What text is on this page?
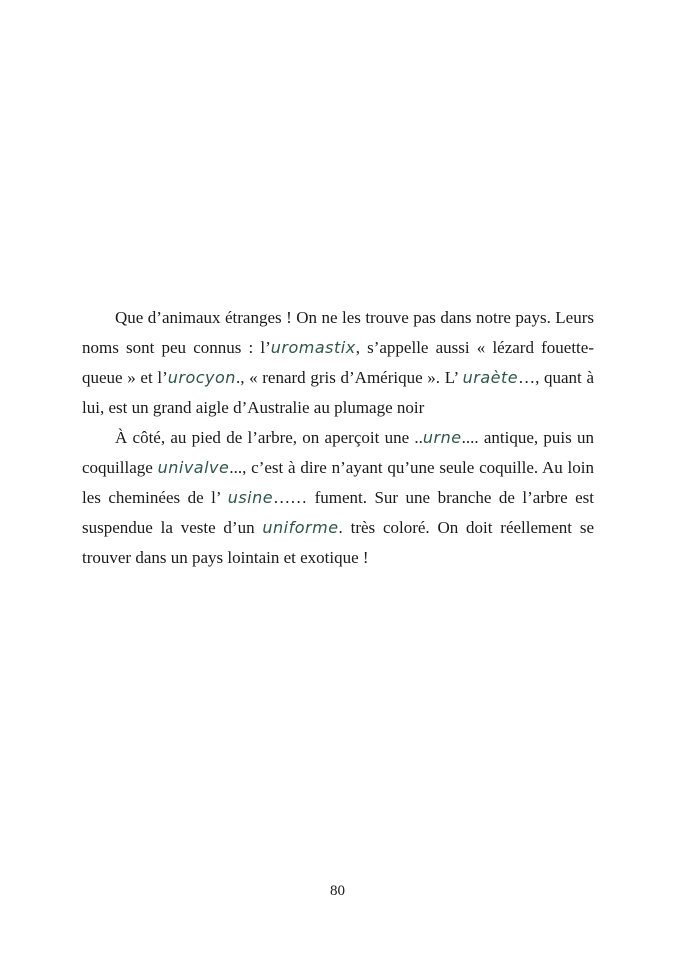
Que d’animaux étranges ! On ne les trouve pas dans notre pays. Leurs noms sont peu connus : l’uromastix, s’appelle aussi « lézard fouette-queue » et l’urocyon., « renard gris d’Amérique ». L’ uraète…, quant à lui, est un grand aigle d’Australie au plumage noir

À côté, au pied de l’arbre, on aperçoit une ..urne.... antique, puis un coquillage univalve..., c’est à dire n’ayant qu’une seule coquille. Au loin les cheminées de l’ usine…… fument. Sur une branche de l’arbre est suspendue la veste d’un uniforme. très coloré. On doit réellement se trouver dans un pays lointain et exotique !

80
